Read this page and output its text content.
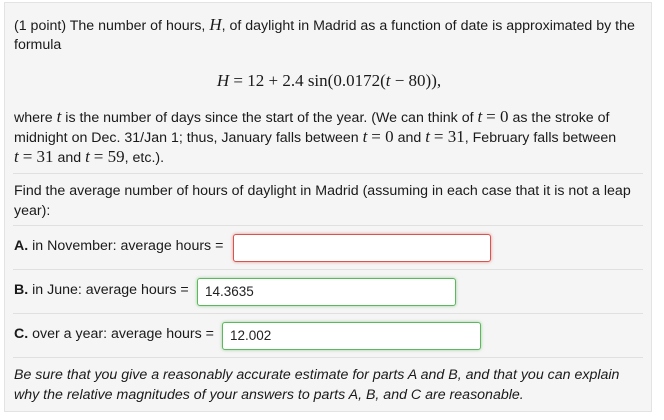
(1 point) The number of hours, H, of daylight in Madrid as a function of date is approximated by the

formula

H = 12 + 2.4 sin(0.0172(t − 80)),

where t is the number of days since the start of the year. (We can think of t = 0 as the stroke of

midnight on Dec. 31/Jan 1; thus, January falls between t = 0 and t = 31, February falls between

t = 31 and t = 59, etc.).

Find the average number of hours of daylight in Madrid (assuming in each case that it is not a leap

year):

A. in November: average hours =

B. in June: average hours =	14.3635

C. over a year: average hours =	12.002

Be sure that you give a reasonably accurate estimate for parts A and B, and that you can explain

why the relative magnitudes of your answers to parts A, B, and C are reasonable.
